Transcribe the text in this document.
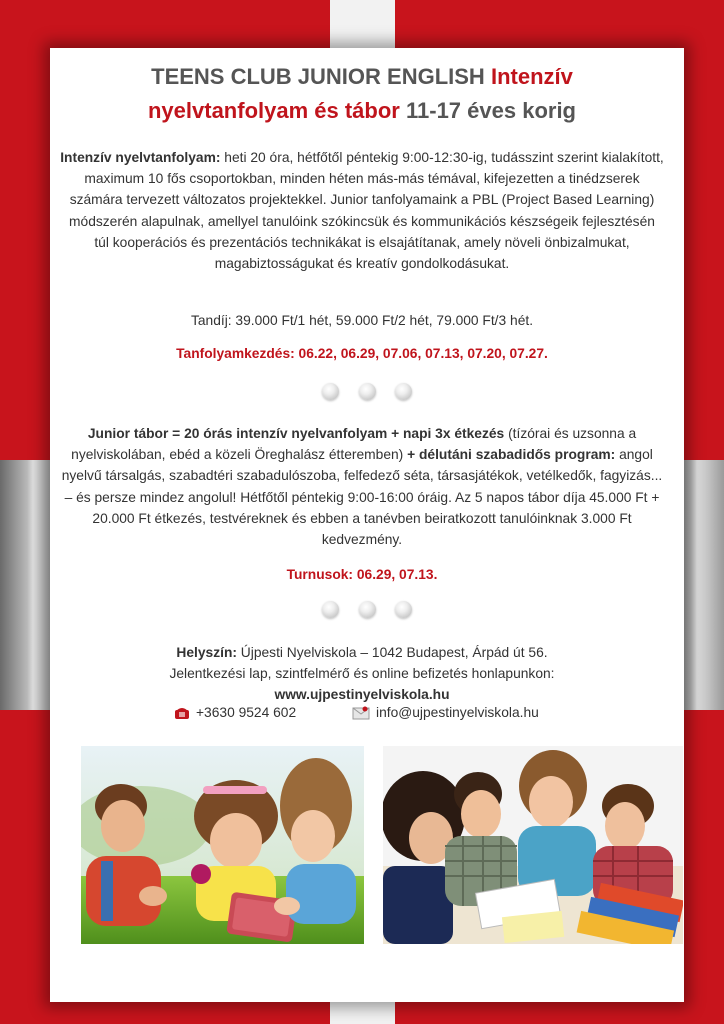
TEENS CLUB JUNIOR ENGLISH Intenzív
nyelvtanfolyam és tábor 11-17 éves korig
Intenzív nyelvtanfolyam: heti 20 óra, hétfőtől péntekig 9:00-12:30-ig, tudásszint szerint kialakított, maximum 10 fős csoportokban, minden héten más-más témával, kifejezetten a tinédzserek számára tervezett változatos projektekkel. Junior tanfolyamaink a PBL (Project Based Learning) módszerén alapulnak, amellyel tanulóink szókincsük és kommunikációs készségeik fejlesztésén túl kooperációs és prezentációs technikákat is elsajátítanak, amely növeli önbizalmukat, magabiztosságukat és kreatív gondolkodásukat.
Tandíj: 39.000 Ft/1 hét, 59.000 Ft/2 hét, 79.000 Ft/3 hét.
Tanfolyamkezdés: 06.22, 06.29, 07.06, 07.13, 07.20, 07.27.
Junior tábor = 20 órás intenzív nyelvanfolyam + napi 3x étkezés (tízórai és uzsonna a nyelviskolában, ebéd a közeli Öreghalász étteremben) + délutáni szabadidős program: angol nyelvű társalgás, szabadtéri szabadulószoba, felfedező séta, társasjátékok, vetélkedők, fagyizás... – és persze mindez angolul! Hétfőtől péntekig 9:00-16:00 óráig. Az 5 napos tábor díja 45.000 Ft + 20.000 Ft étkezés, testvéreknek és ebben a tanévben beiratkozott tanulóinknak 3.000 Ft kedvezmény.
Turnusok: 06.29, 07.13.
Helyszín: Újpesti Nyelviskola – 1042 Budapest, Árpád út 56.
Jelentkezési lap, szintfelmérő és online befizetés honlapunkon:
www.ujpestinyelviskola.hu
+3630 9524 602	info@ujpestinyelviskola.hu
